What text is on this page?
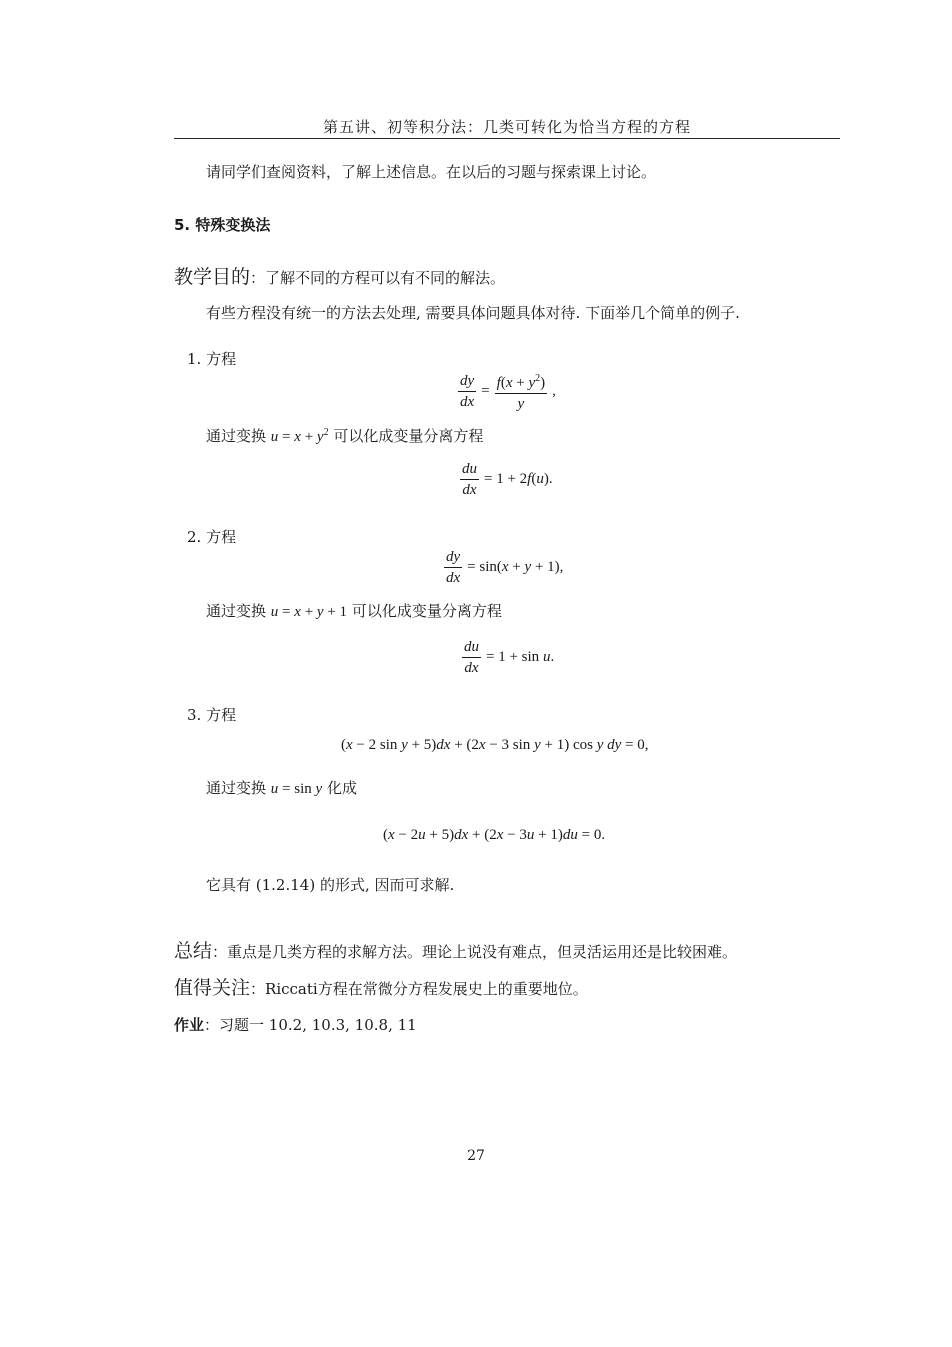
第五讲、初等积分法：几类可转化为恰当方程的方程
请同学们查阅资料，了解上述信息。在以后的习题与探索课上讨论。
5. 特殊变换法
教学目的：了解不同的方程可以有不同的解法。
有些方程没有统一的方法去处理, 需要具体问题具体对待. 下面举几个简单的例子.
1. 方程
$\frac{dy}{dx} = \frac{f(x + y^2)}{y}$ ,
通过变换 $u = x + y^2$ 可以化成变量分离方程
$\frac{du}{dx} = 1 + 2f(u)$.
2. 方程
$\frac{dy}{dx} = \sin(x + y + 1)$,
通过变换 u = x + y + 1 可以化成变量分离方程
$\frac{du}{dx} = 1 + \sin u$.
3. 方程
(x − 2 sin y + 5)dx + (2x − 3 sin y + 1) cos y dy = 0,
通过变换 u = sin y 化成
(x − 2u + 5)dx + (2x − 3u + 1)du = 0.
它具有 (1.2.14) 的形式, 因而可求解.
总结：重点是几类方程的求解方法。理论上说没有难点，但灵活运用还是比较困难。
值得关注：Riccati方程在常微分方程发展史上的重要地位。
作业：习题一 10.2, 10.3, 10.8, 11
27
